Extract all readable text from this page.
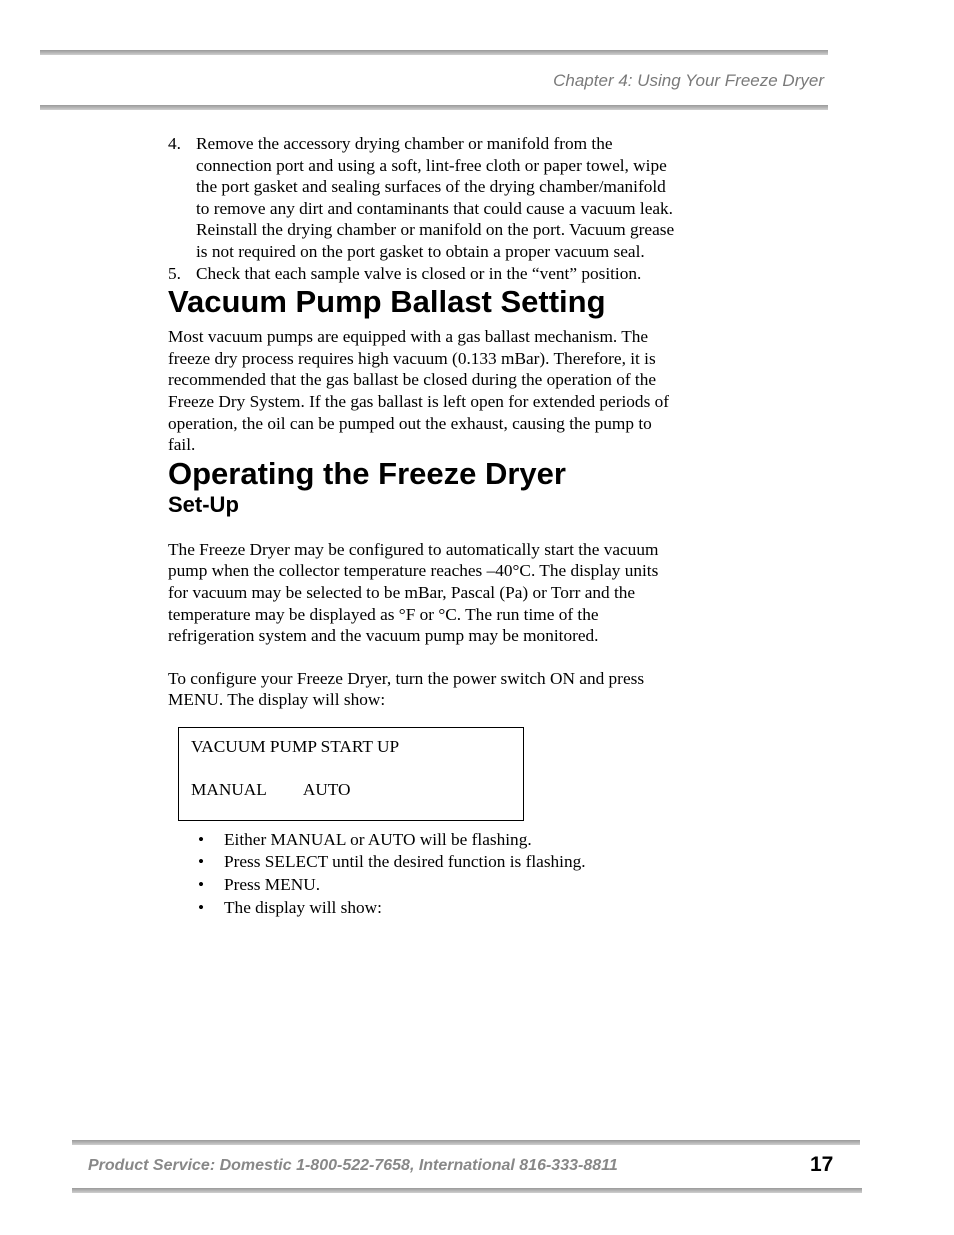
Chapter 4: Using Your Freeze Dryer
4. Remove the accessory drying chamber or manifold from the connection port and using a soft, lint-free cloth or paper towel, wipe the port gasket and sealing surfaces of the drying chamber/manifold to remove any dirt and contaminants that could cause a vacuum leak. Reinstall the drying chamber or manifold on the port. Vacuum grease is not required on the port gasket to obtain a proper vacuum seal.
5. Check that each sample valve is closed or in the “vent” position.
Vacuum Pump Ballast Setting

Most vacuum pumps are equipped with a gas ballast mechanism. The freeze dry process requires high vacuum (0.133 mBar). Therefore, it is recommended that the gas ballast be closed during the operation of the Freeze Dry System. If the gas ballast is left open for extended periods of operation, the oil can be pumped out the exhaust, causing the pump to fail.

Operating the Freeze Dryer
Set-Up

The Freeze Dryer may be configured to automatically start the vacuum pump when the collector temperature reaches –40°C. The display units for vacuum may be selected to be mBar, Pascal (Pa) or Torr and the temperature may be displayed as °F or °C. The run time of the refrigeration system and the vacuum pump may be monitored.

To configure your Freeze Dryer, turn the power switch ON and press MENU. The display will show:

VACUUM PUMP START UP
MANUAL AUTO
• Either MANUAL or AUTO will be flashing.
• Press SELECT until the desired function is flashing.
• Press MENU.
• The display will show:
Product Service: Domestic 1-800-522-7658, International 816-333-8811	17
